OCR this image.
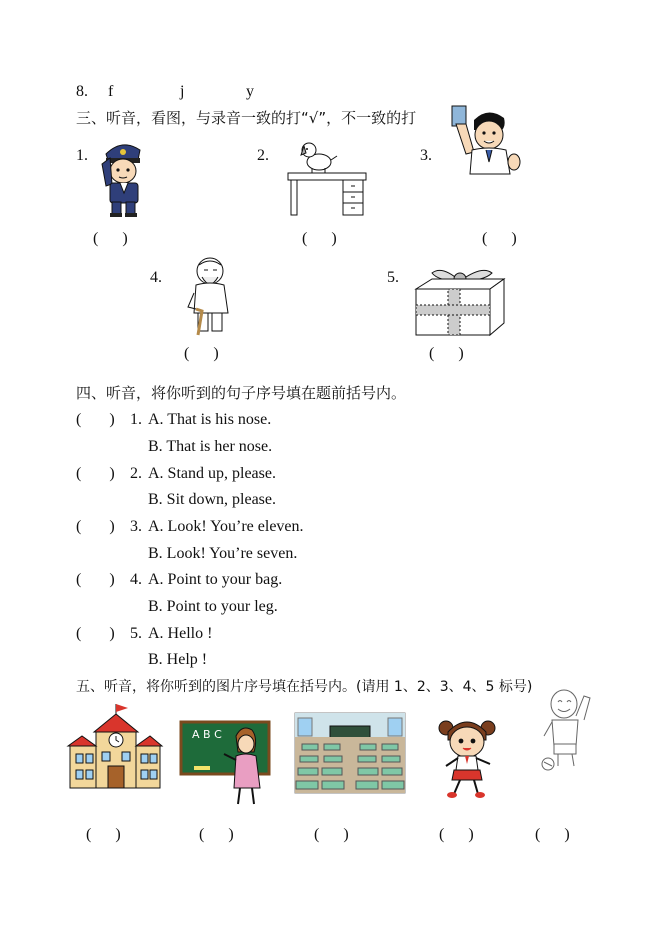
8. f	j	y
三、听音，看图，与录音一致的打“√”，不一致的打
1.	2.	3.
4.	5.
(      )	(      )	(      )
(      )	(      )
四、听音，将你听到的句子序号填在题前括号内。
(       ) 1. A. That is his nose.
B. That is her nose.
(       ) 2. A. Stand up, please.
B. Sit down, please.
(       ) 3. A. Look! You’re eleven.
B. Look! You’re seven.
(       ) 4. A. Point to your bag.
B. Point to your leg.
(       ) 5. A. Hello !
B. Help !
五、听音，将你听到的图片序号填在括号内。(请用 1、2、3、4、5 标号)
A B C
(      )	(      )	(      )	(      )	(      )
